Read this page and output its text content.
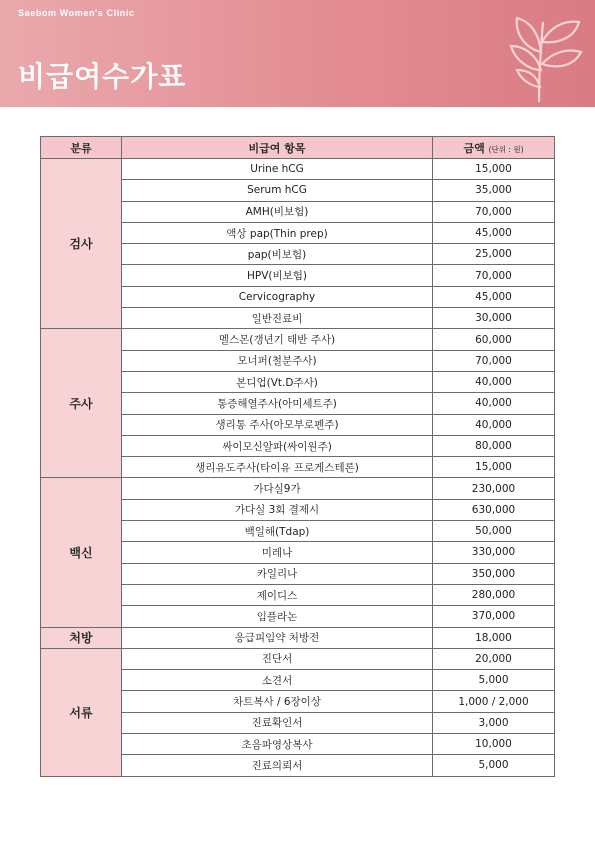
Saebom Women's Clinic
비급여수가표
분류	비급여 항목	금액 (단위 : 원)
검사	Urine hCG	15,000
	Serum hCG	35,000
	AMH(비보험)	70,000
	액상 pap(Thin prep)	45,000
	pap(비보험)	25,000
	HPV(비보험)	70,000
	Cervicography	45,000
	일반진료비	30,000
주사	멜스몬(갱년기 태반 주사)	60,000
	모너퍼(철분주사)	70,000
	본디업(Vt.D주사)	40,000
	통증해열주사(아미세트주)	40,000
	생리통 주사(아모부로펜주)	40,000
	싸이모신알파(싸이원주)	80,000
	생리유도주사(타이유 프로게스테론)	15,000
백신	가다실9가	230,000
	가다실 3회 결제시	630,000
	백일해(Tdap)	50,000
	미레나	330,000
	카일리나	350,000
	제이디스	280,000
	임플라논	370,000
처방	응급피임약 처방전	18,000
서류	진단서	20,000
	소견서	5,000
	차트복사 / 6장이상	1,000 / 2,000
	진료확인서	3,000
	초음파영상복사	10,000
	진료의뢰서	5,000
